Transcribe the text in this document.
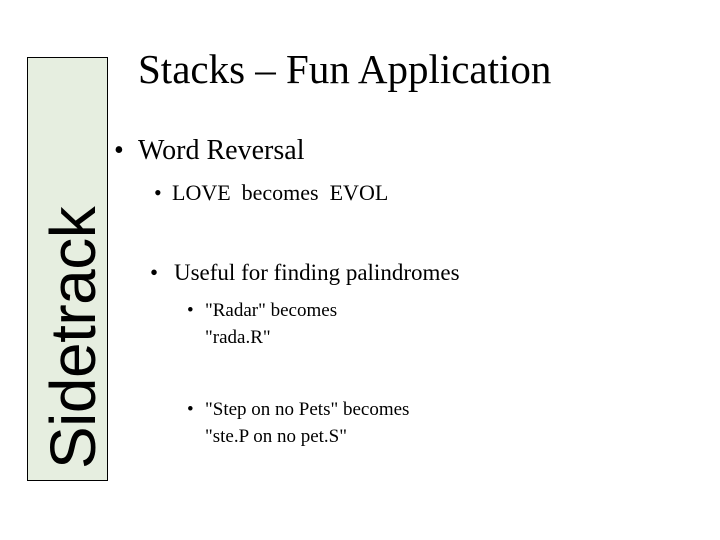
Sidetrack
Stacks – Fun Application
• Word Reversal
• LOVE  becomes  EVOL
• Useful for finding palindromes
• "Radar" becomes
"rada.R"
• "Step on no Pets" becomes
"ste.P on no pet.S"
